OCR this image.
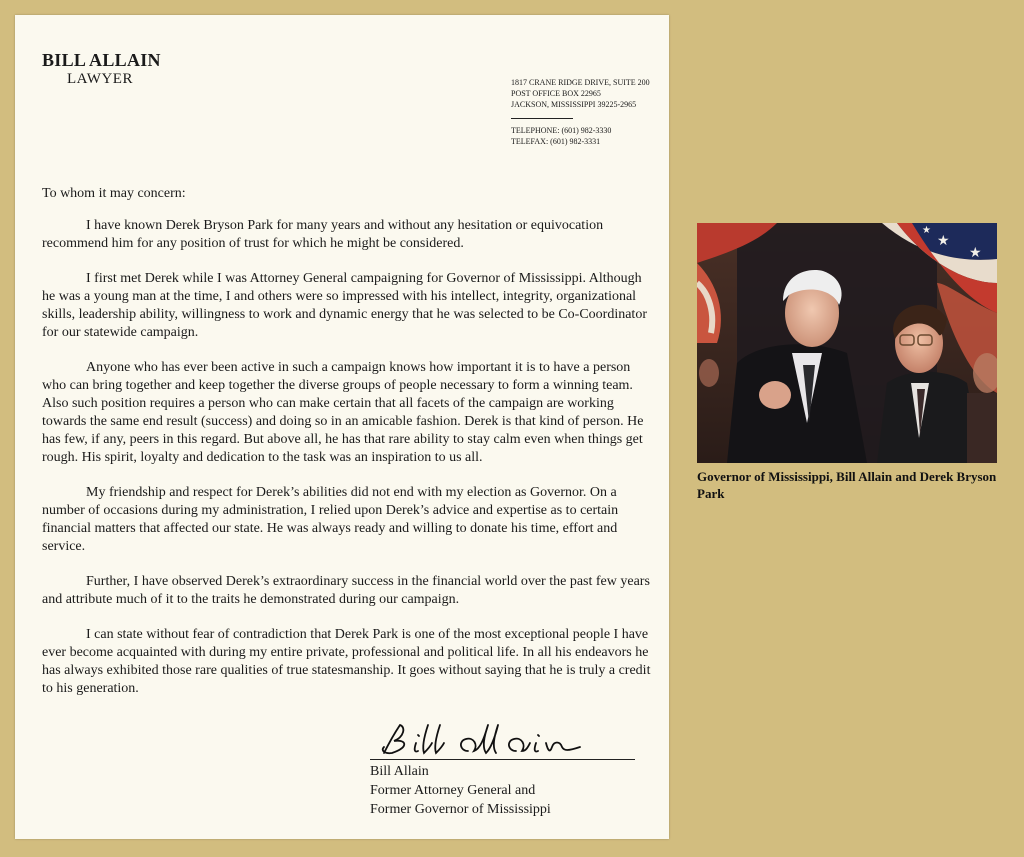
BILL ALLAIN
LAWYER	1817 CRANE RIDGE DRIVE, SUITE 200
POST OFFICE BOX 22965
JACKSON, MISSISSIPPI 39225-2965
TELEPHONE: (601) 982-3330
TELEFAX: (601) 982-3331

To whom it may concern:

I have known Derek Bryson Park for many years and without any hesitation or equivocation recommend him for any position of trust for which he might be considered.

I first met Derek while I was Attorney General campaigning for Governor of Mississippi. Although he was a young man at the time, I and others were so impressed with his intellect, integrity, organizational skills, leadership ability, willingness to work and dynamic energy that he was selected to be Co-Coordinator for our statewide campaign.

Anyone who has ever been active in such a campaign knows how important it is to have a person who can bring together and keep together the diverse groups of people necessary to form a winning team. Also such position requires a person who can make certain that all facets of the campaign are working towards the same end result (success) and doing so in an amicable fashion. Derek is that kind of person. He has few, if any, peers in this regard. But above all, he has that rare ability to stay calm even when things get rough. His spirit, loyalty and dedication to the task was an inspiration to us all.

My friendship and respect for Derek’s abilities did not end with my election as Governor. On a number of occasions during my administration, I relied upon Derek’s advice and expertise as to certain financial matters that affected our state. He was always ready and willing to donate his time, effort and service.

Further, I have observed Derek’s extraordinary success in the financial world over the past few years and attribute much of it to the traits he demonstrated during our campaign.

I can state without fear of contradiction that Derek Park is one of the most exceptional people I have ever become acquainted with during my entire private, professional and political life. In all his endeavors he has always exhibited those rare qualities of true statesmanship. It goes without saying that he is truly a credit to his generation.

Bill Allain
Former Attorney General and
Former Governor of Mississippi
★
★
★
Governor of Mississippi, Bill Allain and Derek Bryson Park
